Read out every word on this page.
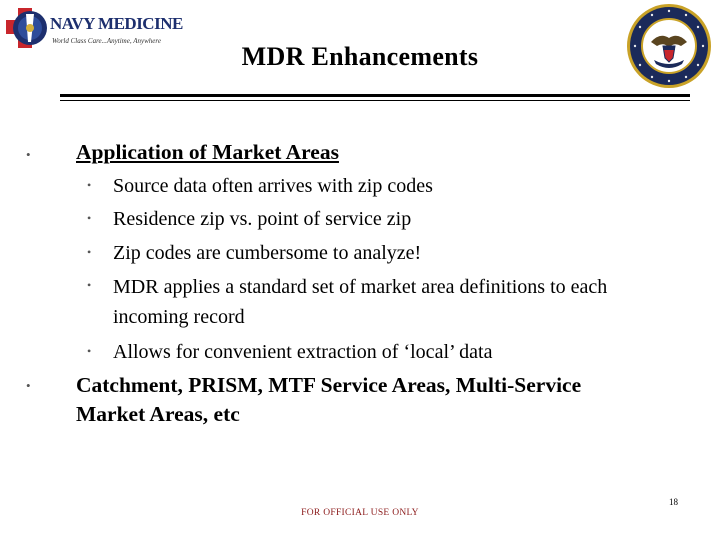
NAVY MEDICINE
World Class Care...Anytime, Anywhere
MDR Enhancements
• Application of Market Areas
• Source data often arrives with zip codes
• Residence zip vs. point of service zip
• Zip codes are cumbersome to analyze!
• MDR applies a standard set of market area definitions to each incoming record
• Allows for convenient extraction of ‘local’ data
• Catchment, PRISM, MTF Service Areas, Multi-Service Market Areas, etc
18
FOR OFFICIAL USE ONLY
